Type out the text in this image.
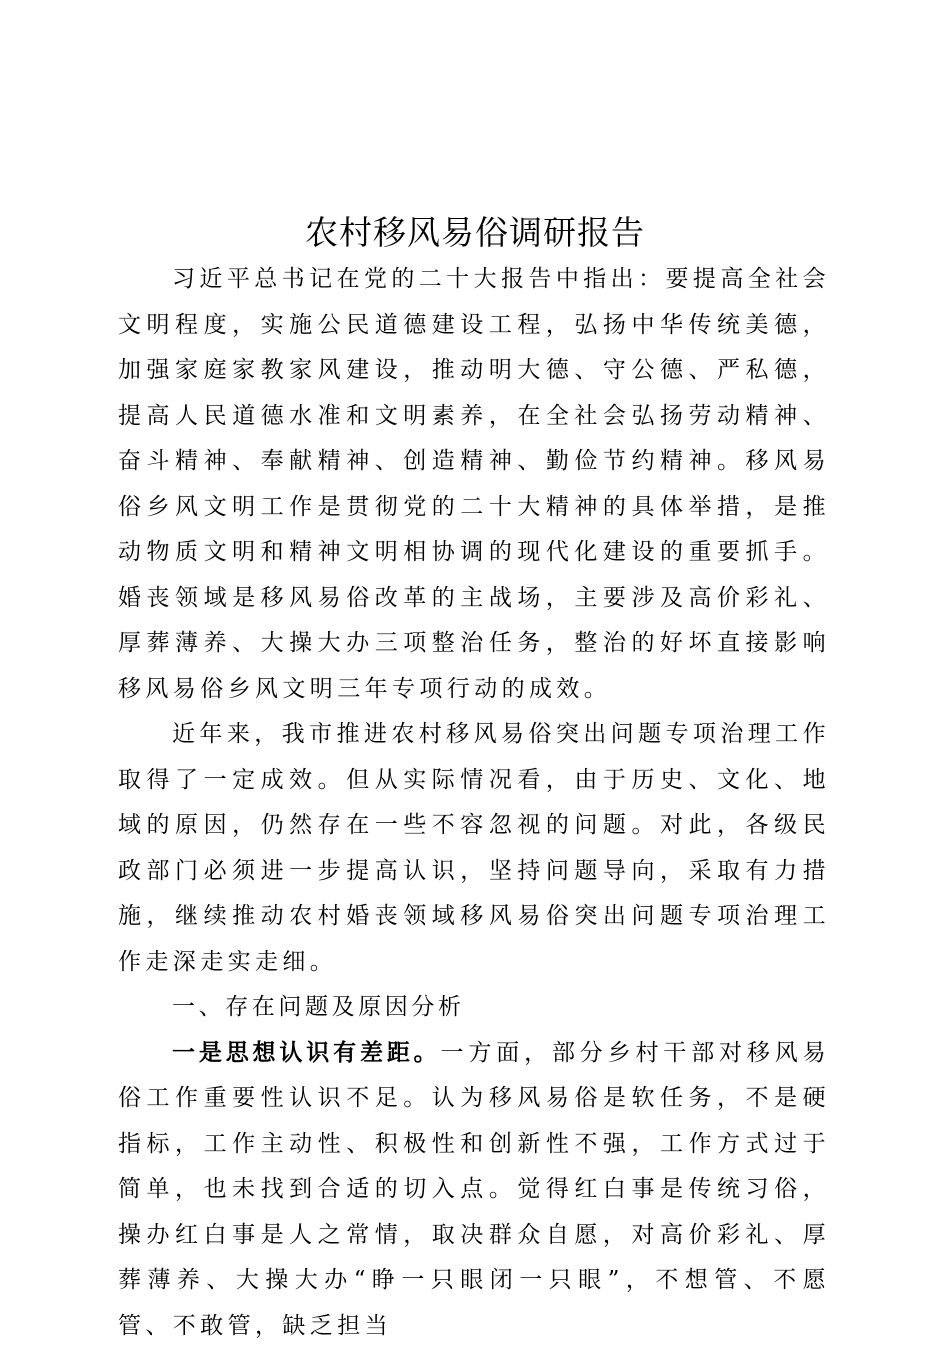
农村移风易俗调研报告

习近平总书记在党的二十大报告中指出：要提高全社会文明程度，实施公民道德建设工程，弘扬中华传统美德，加强家庭家教家风建设，推动明大德、守公德、严私德，提高人民道德水准和文明素养，在全社会弘扬劳动精神、奋斗精神、奉献精神、创造精神、勤俭节约精神。移风易俗乡风文明工作是贯彻党的二十大精神的具体举措，是推动物质文明和精神文明相协调的现代化建设的重要抓手。婚丧领域是移风易俗改革的主战场，主要涉及高价彩礼、厚葬薄养、大操大办三项整治任务，整治的好坏直接影响移风易俗乡风文明三年专项行动的成效。

近年来，我市推进农村移风易俗突出问题专项治理工作取得了一定成效。但从实际情况看，由于历史、文化、地域的原因，仍然存在一些不容忽视的问题。对此，各级民政部门必须进一步提高认识，坚持问题导向，采取有力措施，继续推动农村婚丧领域移风易俗突出问题专项治理工作走深走实走细。

一、存在问题及原因分析

一是思想认识有差距。一方面，部分乡村干部对移风易俗工作重要性认识不足。认为移风易俗是软任务，不是硬指标，工作主动性、积极性和创新性不强，工作方式过于简单，也未找到合适的切入点。觉得红白事是传统习俗，操办红白事是人之常情，取决群众自愿，对高价彩礼、厚葬薄养、大操大办“睁一只眼闭一只眼”，不想管、不愿管、不敢管，缺乏担当
